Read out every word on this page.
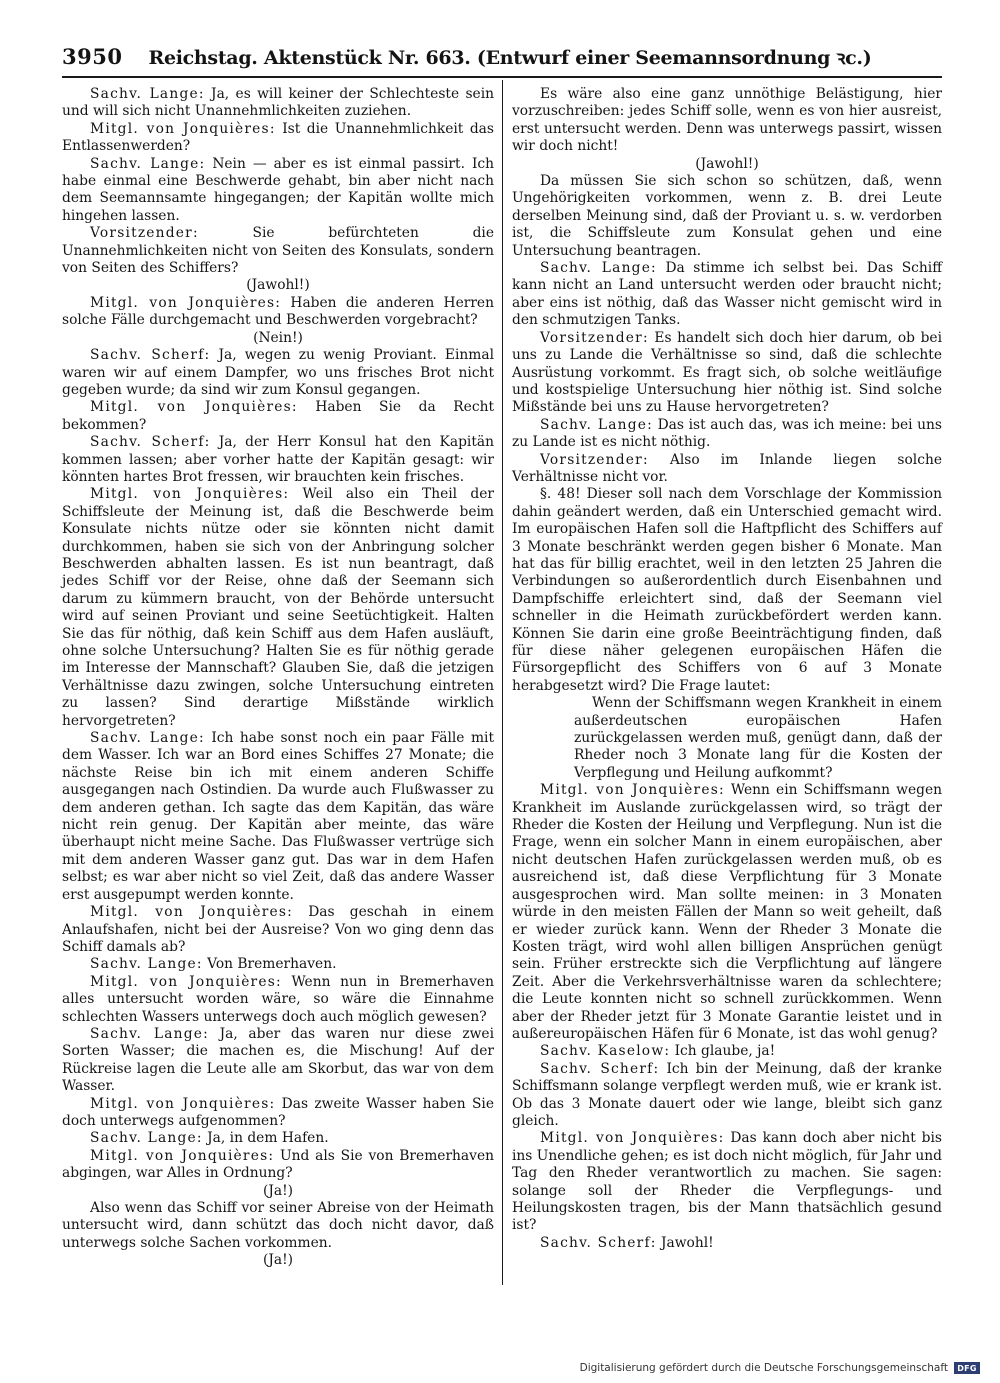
3950 Reichstag. Aktenstück Nr. 663. (Entwurf einer Seemannsordnung ꝛc.)

Sachv. Lange: Ja, es will keiner der Schlechteste sein und will sich nicht Unannehmlichkeiten zuziehen.

Mitgl. von Jonquières: Ist die Unannehmlichkeit das Entlassenwerden?

Sachv. Lange: Nein — aber es ist einmal passirt. Ich habe einmal eine Beschwerde gehabt, bin aber nicht nach dem Seemannsamte hingegangen; der Kapitän wollte mich hingehen lassen.

Vorsitzender: Sie befürchteten die Unannehmlichkeiten nicht von Seiten des Konsulats, sondern von Seiten des Schiffers?

(Jawohl!)

Mitgl. von Jonquières: Haben die anderen Herren solche Fälle durchgemacht und Beschwerden vorgebracht?

(Nein!)

Sachv. Scherf: Ja, wegen zu wenig Proviant. Einmal waren wir auf einem Dampfer, wo uns frisches Brot nicht gegeben wurde; da sind wir zum Konsul gegangen.

Mitgl. von Jonquières: Haben Sie da Recht bekommen?

Sachv. Scherf: Ja, der Herr Konsul hat den Kapitän kommen lassen; aber vorher hatte der Kapitän gesagt: wir könnten hartes Brot fressen, wir brauchten kein frisches.

Mitgl. von Jonquières: Weil also ein Theil der Schiffsleute der Meinung ist, daß die Beschwerde beim Konsulate nichts nütze oder sie könnten nicht damit durchkommen, haben sie sich von der Anbringung solcher Beschwerden abhalten lassen. Es ist nun beantragt, daß jedes Schiff vor der Reise, ohne daß der Seemann sich darum zu kümmern braucht, von der Behörde untersucht wird auf seinen Proviant und seine Seetüchtigkeit. Halten Sie das für nöthig, daß kein Schiff aus dem Hafen ausläuft, ohne solche Untersuchung? Halten Sie es für nöthig gerade im Interesse der Mannschaft? Glauben Sie, daß die jetzigen Verhältnisse dazu zwingen, solche Untersuchung eintreten zu lassen? Sind derartige Mißstände wirklich hervorgetreten?

Sachv. Lange: Ich habe sonst noch ein paar Fälle mit dem Wasser. Ich war an Bord eines Schiffes 27 Monate; die nächste Reise bin ich mit einem anderen Schiffe ausgegangen nach Ostindien. Da wurde auch Flußwasser zu dem anderen gethan. Ich sagte das dem Kapitän, das wäre nicht rein genug. Der Kapitän aber meinte, das wäre überhaupt nicht meine Sache. Das Flußwasser vertrüge sich mit dem anderen Wasser ganz gut. Das war in dem Hafen selbst; es war aber nicht so viel Zeit, daß das andere Wasser erst ausgepumpt werden konnte.

Mitgl. von Jonquières: Das geschah in einem Anlaufshafen, nicht bei der Ausreise? Von wo ging denn das Schiff damals ab?

Sachv. Lange: Von Bremerhaven.

Mitgl. von Jonquières: Wenn nun in Bremerhaven alles untersucht worden wäre, so wäre die Einnahme schlechten Wassers unterwegs doch auch möglich gewesen?

Sachv. Lange: Ja, aber das waren nur diese zwei Sorten Wasser; die machen es, die Mischung! Auf der Rückreise lagen die Leute alle am Skorbut, das war von dem Wasser.

Mitgl. von Jonquières: Das zweite Wasser haben Sie doch unterwegs aufgenommen?

Sachv. Lange: Ja, in dem Hafen.

Mitgl. von Jonquières: Und als Sie von Bremerhaven abgingen, war Alles in Ordnung?

(Ja!)

Also wenn das Schiff vor seiner Abreise von der Heimath untersucht wird, dann schützt das doch nicht davor, daß unterwegs solche Sachen vorkommen.

(Ja!)

Es wäre also eine ganz unnöthige Belästigung, hier vorzuschreiben: jedes Schiff solle, wenn es von hier ausreist, erst untersucht werden. Denn was unterwegs passirt, wissen wir doch nicht!

(Jawohl!)

Da müssen Sie sich schon so schützen, daß, wenn Ungehörigkeiten vorkommen, wenn z. B. drei Leute derselben Meinung sind, daß der Proviant u. s. w. verdorben ist, die Schiffsleute zum Konsulat gehen und eine Untersuchung beantragen.

Sachv. Lange: Da stimme ich selbst bei. Das Schiff kann nicht an Land untersucht werden oder braucht nicht; aber eins ist nöthig, daß das Wasser nicht gemischt wird in den schmutzigen Tanks.

Vorsitzender: Es handelt sich doch hier darum, ob bei uns zu Lande die Verhältnisse so sind, daß die schlechte Ausrüstung vorkommt. Es fragt sich, ob solche weitläufige und kostspielige Untersuchung hier nöthig ist. Sind solche Mißstände bei uns zu Hause hervorgetreten?

Sachv. Lange: Das ist auch das, was ich meine: bei uns zu Lande ist es nicht nöthig.

Vorsitzender: Also im Inlande liegen solche Verhältnisse nicht vor.

§. 48! Dieser soll nach dem Vorschlage der Kommission dahin geändert werden, daß ein Unterschied gemacht wird. Im europäischen Hafen soll die Haftpflicht des Schiffers auf 3 Monate beschränkt werden gegen bisher 6 Monate. Man hat das für billig erachtet, weil in den letzten 25 Jahren die Verbindungen so außerordentlich durch Eisenbahnen und Dampfschiffe erleichtert sind, daß der Seemann viel schneller in die Heimath zurückbefördert werden kann. Können Sie darin eine große Beeinträchtigung finden, daß für diese näher gelegenen europäischen Häfen die Fürsorgepflicht des Schiffers von 6 auf 3 Monate herabgesetzt wird? Die Frage lautet:

Wenn der Schiffsmann wegen Krankheit in einem außerdeutschen europäischen Hafen zurückgelassen werden muß, genügt dann, daß der Rheder noch 3 Monate lang für die Kosten der Verpflegung und Heilung aufkommt?

Mitgl. von Jonquières: Wenn ein Schiffsmann wegen Krankheit im Auslande zurückgelassen wird, so trägt der Rheder die Kosten der Heilung und Verpflegung. Nun ist die Frage, wenn ein solcher Mann in einem europäischen, aber nicht deutschen Hafen zurückgelassen werden muß, ob es ausreichend ist, daß diese Verpflichtung für 3 Monate ausgesprochen wird. Man sollte meinen: in 3 Monaten würde in den meisten Fällen der Mann so weit geheilt, daß er wieder zurück kann. Wenn der Rheder 3 Monate die Kosten trägt, wird wohl allen billigen Ansprüchen genügt sein. Früher erstreckte sich die Verpflichtung auf längere Zeit. Aber die Verkehrsverhältnisse waren da schlechtere; die Leute konnten nicht so schnell zurückkommen. Wenn aber der Rheder jetzt für 3 Monate Garantie leistet und in außereuropäischen Häfen für 6 Monate, ist das wohl genug?

Sachv. Kaselow: Ich glaube, ja!

Sachv. Scherf: Ich bin der Meinung, daß der kranke Schiffsmann solange verpflegt werden muß, wie er krank ist. Ob das 3 Monate dauert oder wie lange, bleibt sich ganz gleich.

Mitgl. von Jonquières: Das kann doch aber nicht bis ins Unendliche gehen; es ist doch nicht möglich, für Jahr und Tag den Rheder verantwortlich zu machen. Sie sagen: solange soll der Rheder die Verpflegungs- und Heilungskosten tragen, bis der Mann thatsächlich gesund ist?

Sachv. Scherf: Jawohl!

Digitalisierung gefördert durch die Deutsche Forschungsgemeinschaft	DFG
